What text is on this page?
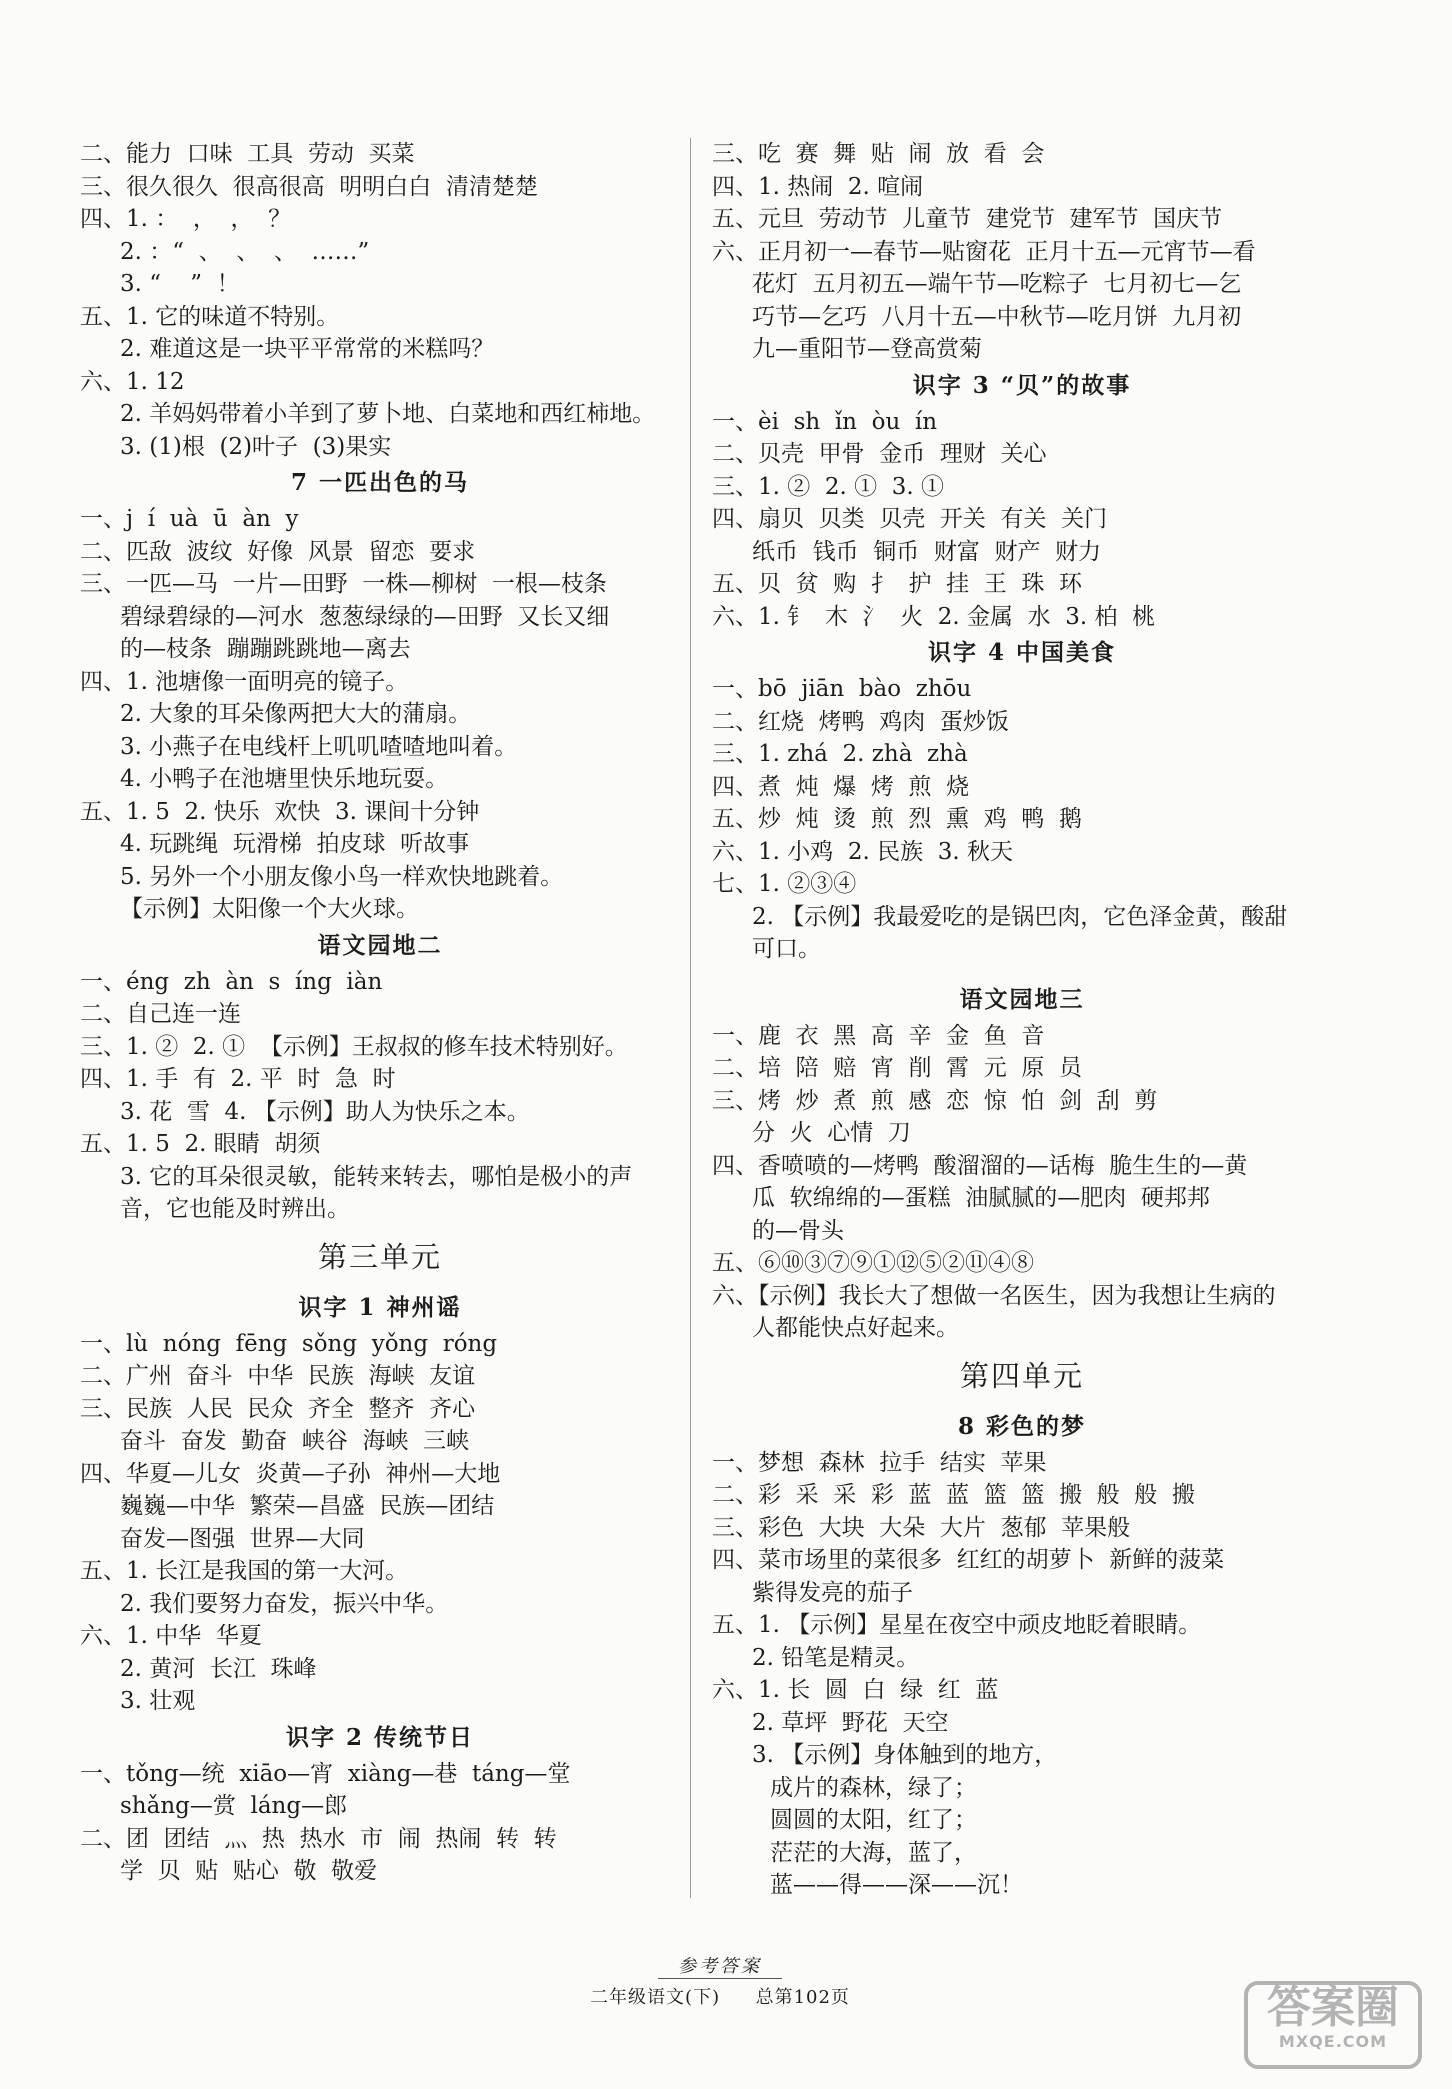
二、能力  口味  工具  劳动  买菜
三、很久很久  很高很高  明明白白  清清楚楚
四、1. ：  ，  ，  ？
2. ：“  、  、  、  ……”
3. “    ”  ！
五、1. 它的味道不特别。
2. 难道这是一块平平常常的米糕吗？
六、1. 12
2. 羊妈妈带着小羊到了萝卜地、白菜地和西红柿地。
3. (1)根  (2)叶子  (3)果实
7 一匹出色的马
一、j  í  uà  ū  àn  y
二、匹敌  波纹  好像  风景  留恋  要求
三、一匹—马  一片—田野  一株—柳树  一根—枝条
碧绿碧绿的—河水  葱葱绿绿的—田野  又长又细
的—枝条  蹦蹦跳跳地—离去
四、1. 池塘像一面明亮的镜子。
2. 大象的耳朵像两把大大的蒲扇。
3. 小燕子在电线杆上叽叽喳喳地叫着。
4. 小鸭子在池塘里快乐地玩耍。
五、1. 5  2. 快乐  欢快  3. 课间十分钟
4. 玩跳绳  玩滑梯  拍皮球  听故事
5. 另外一个小朋友像小鸟一样欢快地跳着。
【示例】太阳像一个大火球。
语文园地二
一、éng  zh  àn  s  íng  iàn
二、自己连一连
三、1. ②  2. ①  【示例】王叔叔的修车技术特别好。
四、1. 手  有  2. 平  时  急  时
3. 花  雪  4. 【示例】助人为快乐之本。
五、1. 5  2. 眼睛  胡须
3. 它的耳朵很灵敏，能转来转去，哪怕是极小的声
音，它也能及时辨出。
第三单元
识字 1 神州谣
一、lù  nóng  fēng  sǒng  yǒng  róng
二、广州  奋斗  中华  民族  海峡  友谊
三、民族  人民  民众  齐全  整齐  齐心
奋斗  奋发  勤奋  峡谷  海峡  三峡
四、华夏—儿女  炎黄—子孙  神州—大地
巍巍—中华  繁荣—昌盛  民族—团结
奋发—图强  世界—大同
五、1. 长江是我国的第一大河。
2. 我们要努力奋发，振兴中华。
六、1. 中华  华夏
2. 黄河  长江  珠峰
3. 壮观
识字 2 传统节日
一、tǒng—统  xiāo—宵  xiàng—巷  táng—堂
shǎng—赏  láng—郎
二、团  团结  灬  热  热水  市  闹  热闹  转  转
学  贝  贴  贴心  敬  敬爱
三、吃  赛  舞  贴  闹  放  看  会
四、1. 热闹  2. 喧闹
五、元旦  劳动节  儿童节  建党节  建军节  国庆节
六、正月初一—春节—贴窗花  正月十五—元宵节—看
花灯  五月初五—端午节—吃粽子  七月初七—乞
巧节—乞巧  八月十五—中秋节—吃月饼  九月初
九—重阳节—登高赏菊
识字 3 “贝”的故事
一、èi  sh  ǐn  òu  ín
二、贝壳  甲骨  金币  理财  关心
三、1. ②  2. ①  3. ①
四、扇贝  贝类  贝壳  开关  有关  关门
纸币  钱币  铜币  财富  财产  财力
五、贝  贫  购  扌  护  挂  王  珠  环
六、1. 钅  木  氵  火  2. 金属  水  3. 柏  桃
识字 4 中国美食
一、bō  jiān  bào  zhōu
二、红烧  烤鸭  鸡肉  蛋炒饭
三、1. zhá  2. zhà  zhà
四、煮  炖  爆  烤  煎  烧
五、炒  炖  烫  煎  烈  熏  鸡  鸭  鹅
六、1. 小鸡  2. 民族  3. 秋天
七、1. ②③④
2. 【示例】我最爱吃的是锅巴肉，它色泽金黄，酸甜
可口。
语文园地三
一、鹿  衣  黑  高  辛  金  鱼  音
二、培  陪  赔  宵  削  霄  元  原  员
三、烤  炒  煮  煎  感  恋  惊  怕  剑  刮  剪
分  火  心情  刀
四、香喷喷的—烤鸭  酸溜溜的—话梅  脆生生的—黄
瓜  软绵绵的—蛋糕  油腻腻的—肥肉  硬邦邦
的—骨头
五、⑥⑩③⑦⑨①⑫⑤②⑪④⑧
六、【示例】我长大了想做一名医生，因为我想让生病的
人都能快点好起来。
第四单元
8 彩色的梦
一、梦想  森林  拉手  结实  苹果
二、彩  采  采  彩  蓝  蓝  篮  篮  搬  般  般  搬
三、彩色  大块  大朵  大片  葱郁  苹果般
四、菜市场里的菜很多  红红的胡萝卜  新鲜的菠菜
紫得发亮的茄子
五、1. 【示例】星星在夜空中顽皮地眨着眼睛。
2. 铅笔是精灵。
六、1. 长  圆  白  绿  红  蓝
2. 草坪  野花  天空
3. 【示例】身体触到的地方，
成片的森林，绿了；
圆圆的太阳，红了；
茫茫的大海，蓝了，
蓝——得——深——沉！
参考答案
二年级语文(下) 总第102页	答案圈
MXQE.COM
